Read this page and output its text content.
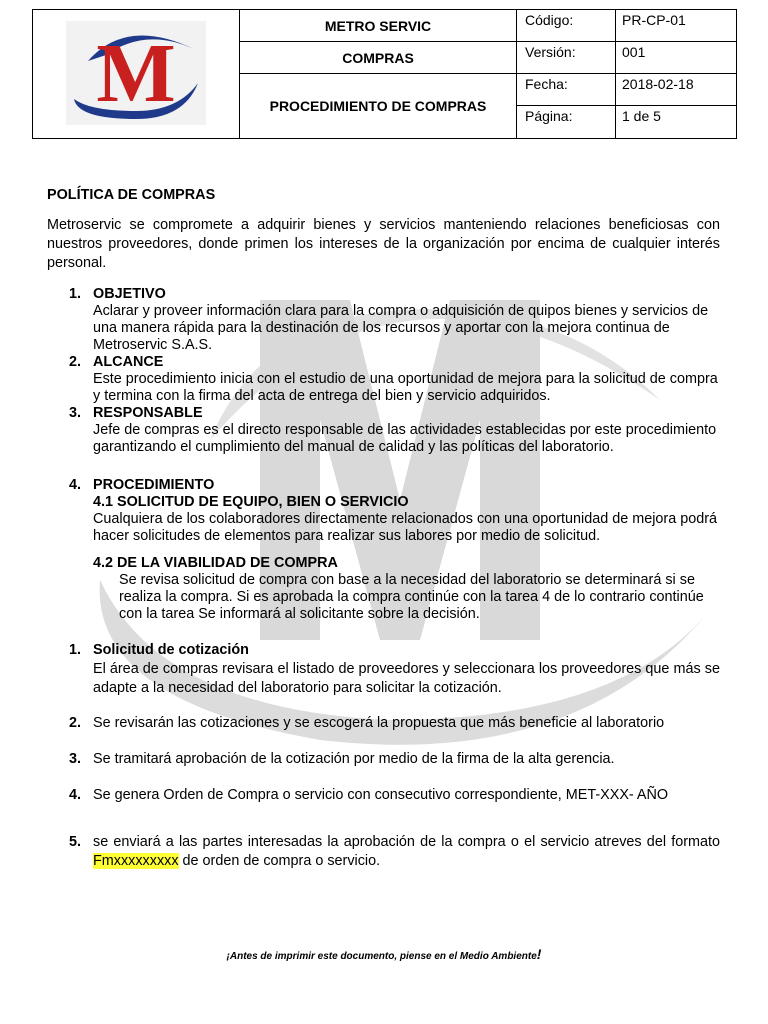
M	METRO SERVIC	Código:	PR-CP-01
	COMPRAS	Versión:	001
	PROCEDIMIENTO DE COMPRAS	Fecha:	2018-02-18
		Página:	1 de 5
POLÍTICA DE COMPRAS
Metroservic se compromete a adquirir bienes y servicios manteniendo relaciones beneficiosas con nuestros proveedores, donde primen los intereses de la organización por encima de cualquier interés personal.
1. OBJETIVO
Aclarar y proveer información clara para la compra o adquisición de quipos bienes y servicios de una manera rápida para la destinación de los recursos y aportar con la mejora continua de Metroservic S.A.S.
2. ALCANCE
Este procedimiento inicia con el estudio de una oportunidad de mejora para la solicitud de compra y termina con la firma del acta de entrega del bien y servicio adquiridos.
3. RESPONSABLE
Jefe de compras es el directo responsable de las actividades establecidas por este procedimiento garantizando el cumplimiento del manual de calidad y las políticas del laboratorio.
4. PROCEDIMIENTO
4.1 SOLICITUD DE EQUIPO, BIEN O SERVICIO
Cualquiera de los colaboradores directamente relacionados con una oportunidad de mejora podrá hacer solicitudes de elementos para realizar sus labores por medio de solicitud.
4.2 DE LA VIABILIDAD DE COMPRA
Se revisa solicitud de compra con base a la necesidad del laboratorio se determinará si se realiza la compra. Si es aprobada la compra continúe con la tarea 4 de lo contrario continúe con la tarea Se informará al solicitante sobre la decisión.
1. Solicitud de cotización
El área de compras revisara el listado de proveedores y seleccionara los proveedores que más se adapte a la necesidad del laboratorio para solicitar la cotización.
2. Se revisarán las cotizaciones y se escogerá la propuesta que más beneficie al laboratorio
3. Se tramitará aprobación de la cotización por medio de la firma de la alta gerencia.
4. Se genera Orden de Compra o servicio con consecutivo correspondiente, MET-XXX- AÑO
5. se enviará a las partes interesadas la aprobación de la compra o el servicio atreves del formato Fmxxxxxxxxx de orden de compra o servicio.
¡Antes de imprimir este documento, piense en el Medio Ambiente!
